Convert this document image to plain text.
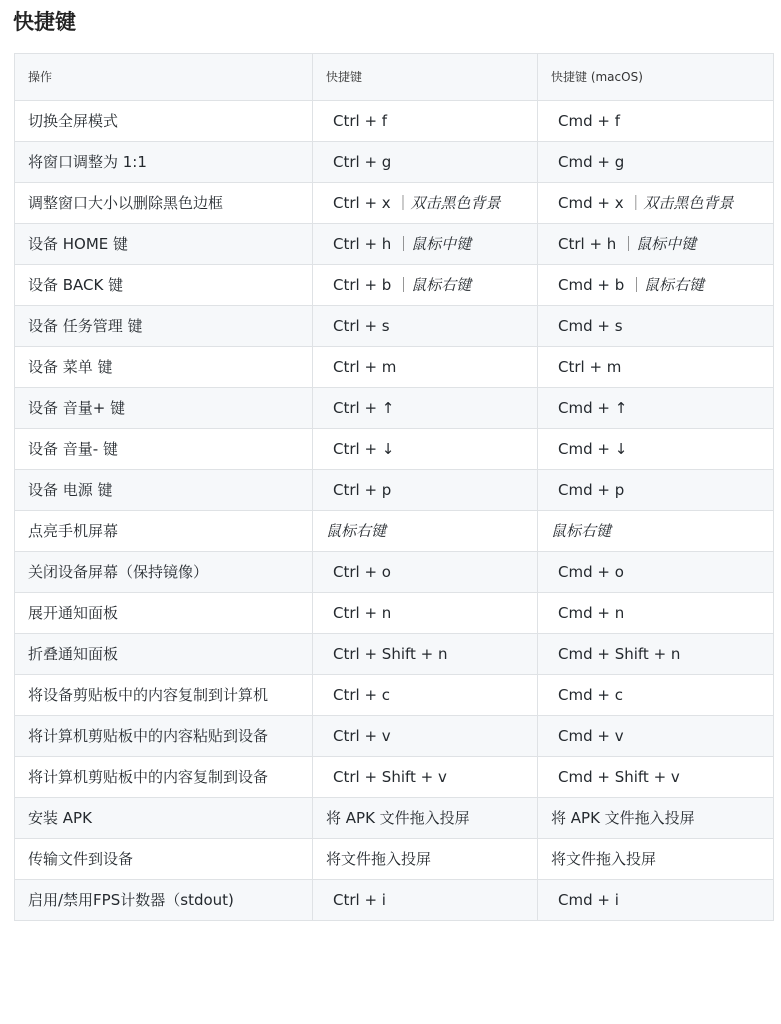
快捷键
操作	快捷键	快捷键 (macOS)
切换全屏模式	Ctrl + f	Cmd + f
将窗口调整为 1:1	Ctrl + g	Cmd + g
调整窗口大小以删除黑色边框	Ctrl + x ｜双击黑色背景	Cmd + x ｜双击黑色背景
设备 HOME 键	Ctrl + h ｜鼠标中键	Ctrl + h ｜鼠标中键
设备 BACK 键	Ctrl + b ｜鼠标右键	Cmd + b ｜鼠标右键
设备 任务管理 键	Ctrl + s	Cmd + s
设备 菜单 键	Ctrl + m	Ctrl + m
设备 音量+ 键	Ctrl + ↑	Cmd + ↑
设备 音量- 键	Ctrl + ↓	Cmd + ↓
设备 电源 键	Ctrl + p	Cmd + p
点亮手机屏幕	鼠标右键	鼠标右键
关闭设备屏幕（保持镜像）	Ctrl + o	Cmd + o
展开通知面板	Ctrl + n	Cmd + n
折叠通知面板	Ctrl + Shift + n	Cmd + Shift + n
将设备剪贴板中的内容复制到计算机	Ctrl + c	Cmd + c
将计算机剪贴板中的内容粘贴到设备	Ctrl + v	Cmd + v
将计算机剪贴板中的内容复制到设备	Ctrl + Shift + v	Cmd + Shift + v
安装 APK	将 APK 文件拖入投屏	将 APK 文件拖入投屏
传输文件到设备	将文件拖入投屏	将文件拖入投屏
启用/禁用FPS计数器（stdout)	Ctrl + i	Cmd + i
